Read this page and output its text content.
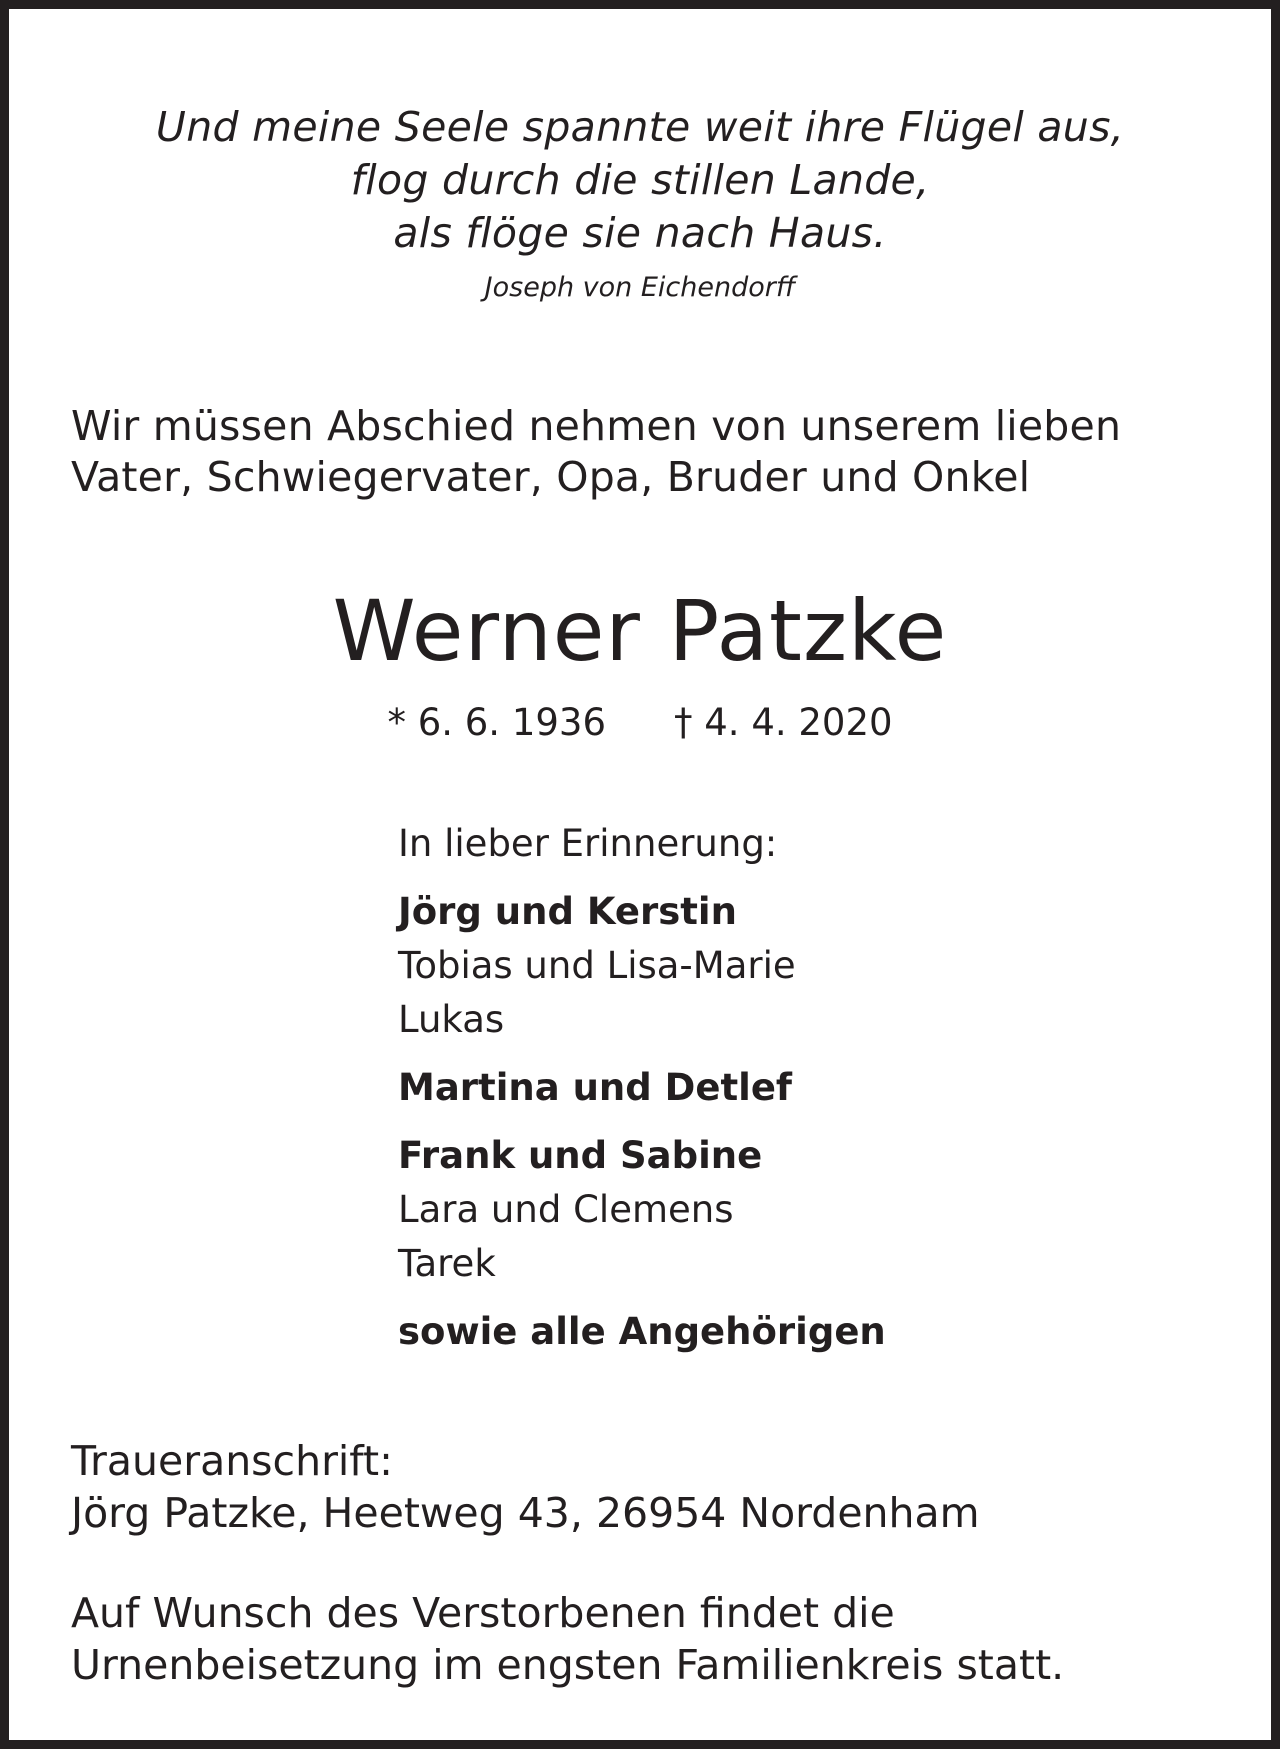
Und meine Seele spannte weit ihre Flügel aus,
flog durch die stillen Lande,
als flöge sie nach Haus.
Joseph von Eichendorff
Wir müssen Abschied nehmen von unserem lieben
Vater, Schwiegervater, Opa, Bruder und Onkel
Werner Patzke
* 6. 6. 1936 † 4. 4. 2020
In lieber Erinnerung:
Jörg und Kerstin
Tobias und Lisa-Marie
Lukas
Martina und Detlef
Frank und Sabine
Lara und Clemens
Tarek
sowie alle Angehörigen
Traueranschrift:
Jörg Patzke, Heetweg 43, 26954 Nordenham
Auf Wunsch des Verstorbenen findet die
Urnenbeisetzung im engsten Familienkreis statt.
